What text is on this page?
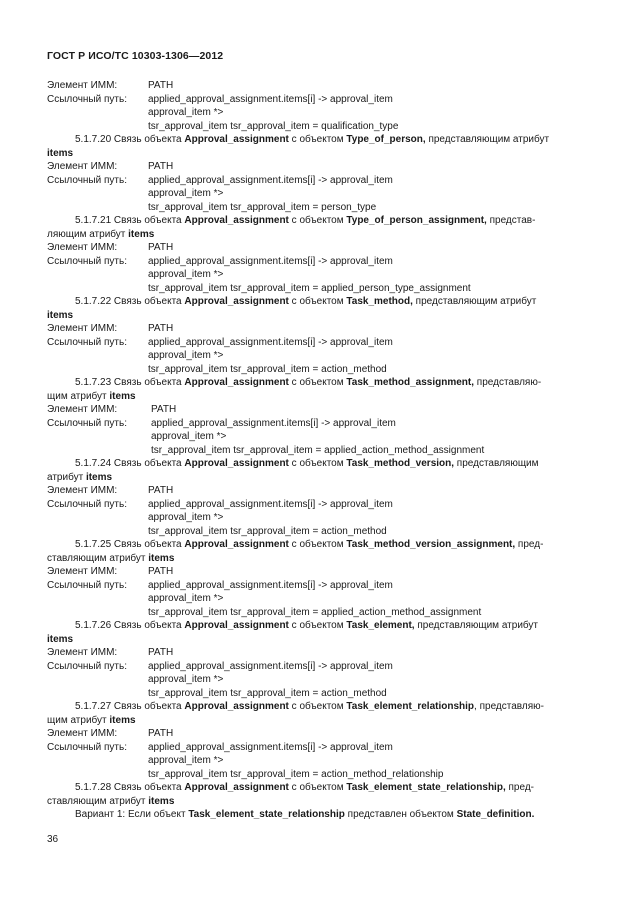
ГОСТ Р ИСО/ТС 10303-1306—2012
Элемент ИММ:	PATH
Ссылочный путь:	applied_approval_assignment.items[i] -> approval_item
approval_item *>
tsr_approval_item tsr_approval_item = qualification_type
5.1.7.20 Связь объекта Approval_assignment с объектом Type_of_person, представляющим атрибут
items
Элемент ИММ:	PATH
Ссылочный путь:	applied_approval_assignment.items[i] -> approval_item
approval_item *>
tsr_approval_item tsr_approval_item = person_type
5.1.7.21 Связь объекта Approval_assignment с объектом Type_of_person_assignment, представ-
ляющим атрибут items
Элемент ИММ:	PATH
Ссылочный путь:	applied_approval_assignment.items[i] -> approval_item
approval_item *>
tsr_approval_item tsr_approval_item = applied_person_type_assignment
5.1.7.22 Связь объекта Approval_assignment с объектом Task_method, представляющим атрибут
items
Элемент ИММ:	PATH
Ссылочный путь:	applied_approval_assignment.items[i] -> approval_item
approval_item *>
tsr_approval_item tsr_approval_item = action_method
5.1.7.23 Связь объекта Approval_assignment с объектом Task_method_assignment, представляю-
щим атрибут items
Элемент ИММ:	PATH
Ссылочный путь:	applied_approval_assignment.items[i] -> approval_item
approval_item *>
tsr_approval_item tsr_approval_item = applied_action_method_assignment
5.1.7.24 Связь объекта Approval_assignment с объектом Task_method_version, представляющим
атрибут items
Элемент ИММ:	PATH
Ссылочный путь:	applied_approval_assignment.items[i] -> approval_item
approval_item *>
tsr_approval_item tsr_approval_item = action_method
5.1.7.25 Связь объекта Approval_assignment с объектом Task_method_version_assignment, пред-
ставляющим атрибут items
Элемент ИММ:	PATH
Ссылочный путь:	applied_approval_assignment.items[i] -> approval_item
approval_item *>
tsr_approval_item tsr_approval_item = applied_action_method_assignment
5.1.7.26 Связь объекта Approval_assignment с объектом Task_element, представляющим атрибут
items
Элемент ИММ:	PATH
Ссылочный путь:	applied_approval_assignment.items[i] -> approval_item
approval_item *>
tsr_approval_item tsr_approval_item = action_method
5.1.7.27 Связь объекта Approval_assignment с объектом Task_element_relationship, представляю-
щим атрибут items
Элемент ИММ:	PATH
Ссылочный путь:	applied_approval_assignment.items[i] -> approval_item
approval_item *>
tsr_approval_item tsr_approval_item = action_method_relationship
5.1.7.28 Связь объекта Approval_assignment с объектом Task_element_state_relationship, пред-
ставляющим атрибут items
Вариант 1: Если объект Task_element_state_relationship представлен объектом State_definition.
36
